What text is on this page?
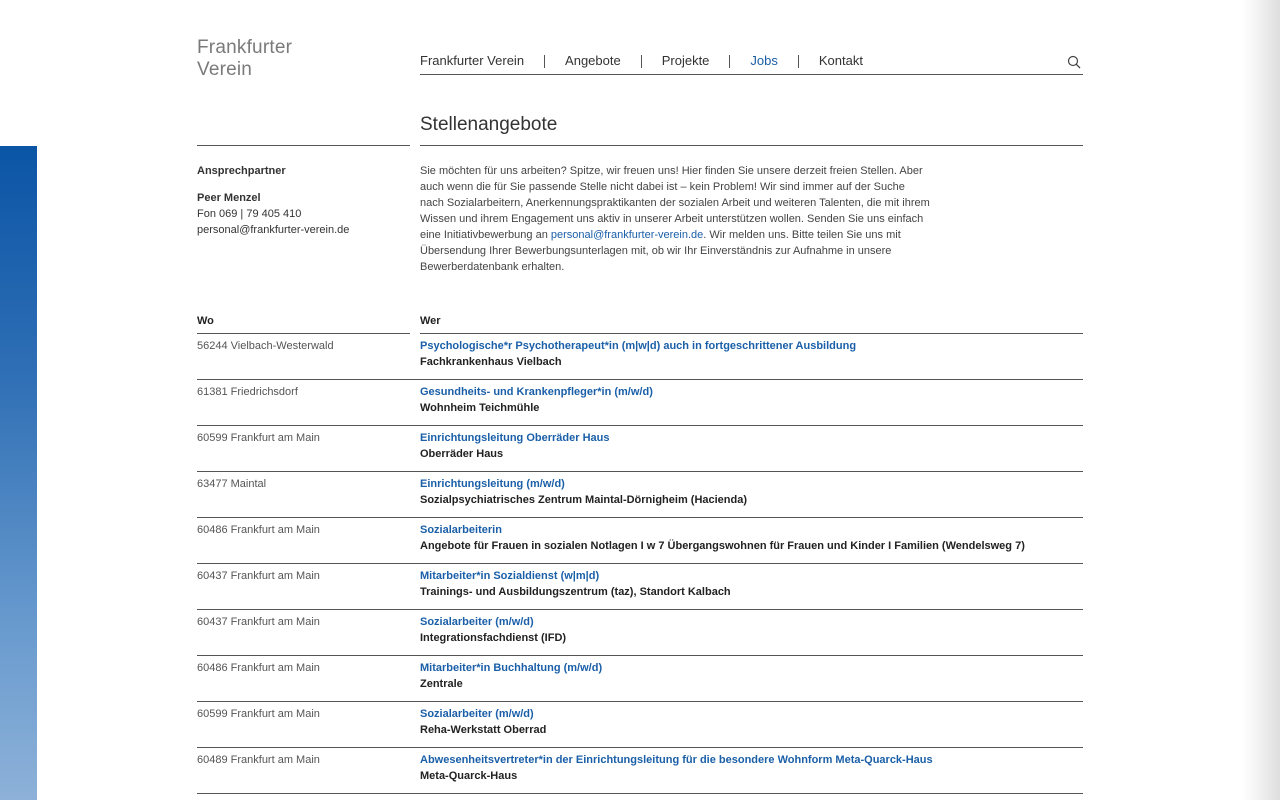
Frankfurter
Verein	Frankfurter Verein	Angebote	Projekte	Jobs	Kontakt
Stellenangebote
Ansprechpartner
Peer Menzel
Fon 069 | 79 405 410
personal@frankfurter-verein.de

Sie möchten für uns arbeiten? Spitze, wir freuen uns! Hier finden Sie unsere derzeit freien Stellen. Aber auch wenn die für Sie passende Stelle nicht dabei ist – kein Problem! Wir sind immer auf der Suche nach Sozialarbeitern, Anerkennungspraktikanten der sozialen Arbeit und weiteren Talenten, die mit ihrem Wissen und ihrem Engagement uns aktiv in unserer Arbeit unterstützen wollen. Senden Sie uns einfach eine Initiativbewerbung an personal@frankfurter-verein.de. Wir melden uns. Bitte teilen Sie uns mit Übersendung Ihrer Bewerbungsunterlagen mit, ob wir Ihr Einverständnis zur Aufnahme in unsere Bewerberdatenbank erhalten.

Wo	Wer
56244 Vielbach-Westerwald	Psychologische*r Psychotherapeut*in (m|w|d) auch in fortgeschrittener Ausbildung
Fachkrankenhaus Vielbach
61381 Friedrichsdorf	Gesundheits- und Krankenpfleger*in (m/w/d)
Wohnheim Teichmühle
60599 Frankfurt am Main	Einrichtungsleitung Oberräder Haus
Oberräder Haus
63477 Maintal	Einrichtungsleitung (m/w/d)
Sozialpsychiatrisches Zentrum Maintal-Dörnigheim (Hacienda)
60486 Frankfurt am Main	Sozialarbeiterin
Angebote für Frauen in sozialen Notlagen I w 7 Übergangswohnen für Frauen und Kinder I Familien (Wendelsweg 7)
60437 Frankfurt am Main	Mitarbeiter*in Sozialdienst (w|m|d)
Trainings- und Ausbildungszentrum (taz), Standort Kalbach
60437 Frankfurt am Main	Sozialarbeiter (m/w/d)
Integrationsfachdienst (IFD)
60486 Frankfurt am Main	Mitarbeiter*in Buchhaltung (m/w/d)
Zentrale
60599 Frankfurt am Main	Sozialarbeiter (m/w/d)
Reha-Werkstatt Oberrad
60489 Frankfurt am Main	Abwesenheitsvertreter*in der Einrichtungsleitung für die besondere Wohnform Meta-Quarck-Haus
Meta-Quarck-Haus
